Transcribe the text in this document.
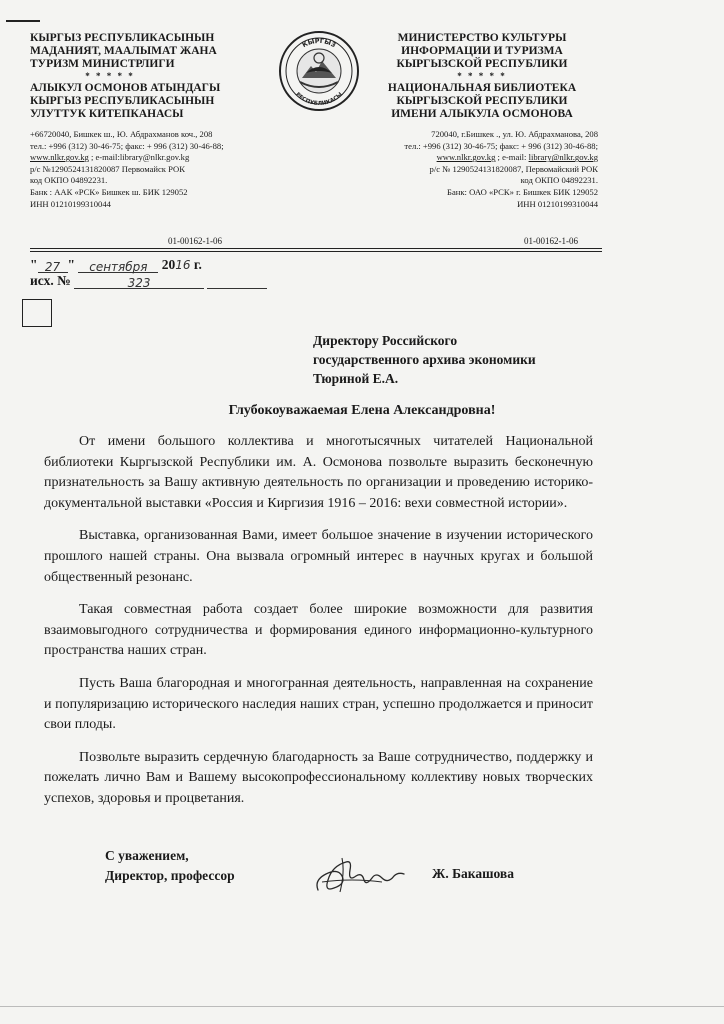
КЫРГЫЗ РЕСПУБЛИКАСЫНЫН
МАДАНИЯТ, МААЛЫМАТ ЖАНА
ТУРИЗМ МИНИСТРЛИГИ
* * * * *
АЛЫКУЛ ОСМОНОВ АТЫНДАГЫ
КЫРГЫЗ РЕСПУБЛИКАСЫНЫН
УЛУТТУК КИТЕПКАНАСЫ
+66720040, Бишкек ш., Ю. Абдрахманов коч., 208
тел.: +996 (312) 30-46-75; факс: + 996 (312) 30-46-88;
www.nlkr.gov.kg ; e-mail:library@nlkr.gov.kg
р/с №1290524131820087 Первомайск РОК
код ОКПО 04892231.
Банк : ААК «РСК» Бишкек ш. БИК 129052
ИНН 01210199310044
КЫРГЫЗ
РЕСПУБЛИКАСЫ
МИНИСТЕРСТВО КУЛЬТУРЫ
ИНФОРМАЦИИ И ТУРИЗМА
КЫРГЫЗСКОЙ РЕСПУБЛИКИ
* * * * *
НАЦИОНАЛЬНАЯ БИБЛИОТЕКА
КЫРГЫЗСКОЙ РЕСПУБЛИКИ
ИМЕНИ АЛЫКУЛА ОСМОНОВА
720040, г.Бишкек ., ул. Ю. Абдрахманова, 208
тел.: +996 (312) 30-46-75; факс: + 996 (312) 30-46-88;
www.nlkr.gov.kg ; e-mail: library@nlkr.gov.kg
р/с № 1290524131820087, Первомайский РОК
код ОКПО 04892231.
Банк: ОАО «РСК» г. Бишкек БИК 129052
ИНН 01210199310044
01-00162-1-06	01-00162-1-06
" 27 " сентября 2016 г.
исх. №	323
Директору Российского
государственного архива экономики
Тюриной Е.А.
Глубокоуважаемая Елена Александровна!

От имени большого коллектива и многотысячных читателей Национальной библиотеки Кыргызской Республики им. А. Осмонова позвольте выразить бесконечную признательность за Вашу активную деятельность по организации и проведению историко-документальной выставки «Россия и Киргизия 1916 – 2016: вехи совместной истории».

Выставка, организованная Вами, имеет большое значение в изучении исторического прошлого нашей страны. Она вызвала огромный интерес в научных кругах и большой общественный резонанс.

Такая совместная работа создает более широкие возможности для развития взаимовыгодного сотрудничества и формирования единого информационно-культурного пространства наших стран.

Пусть Ваша благородная и многогранная деятельность, направленная на сохранение и популяризацию исторического наследия наших стран, успешно продолжается и приносит свои плоды.

Позвольте выразить сердечную благодарность за Ваше сотрудничество, поддержку и пожелать лично Вам и Вашему высокопрофессиональному коллективу новых творческих успехов, здоровья и процветания.

С уважением,
Директор, профессор	Ж. Бакашова
